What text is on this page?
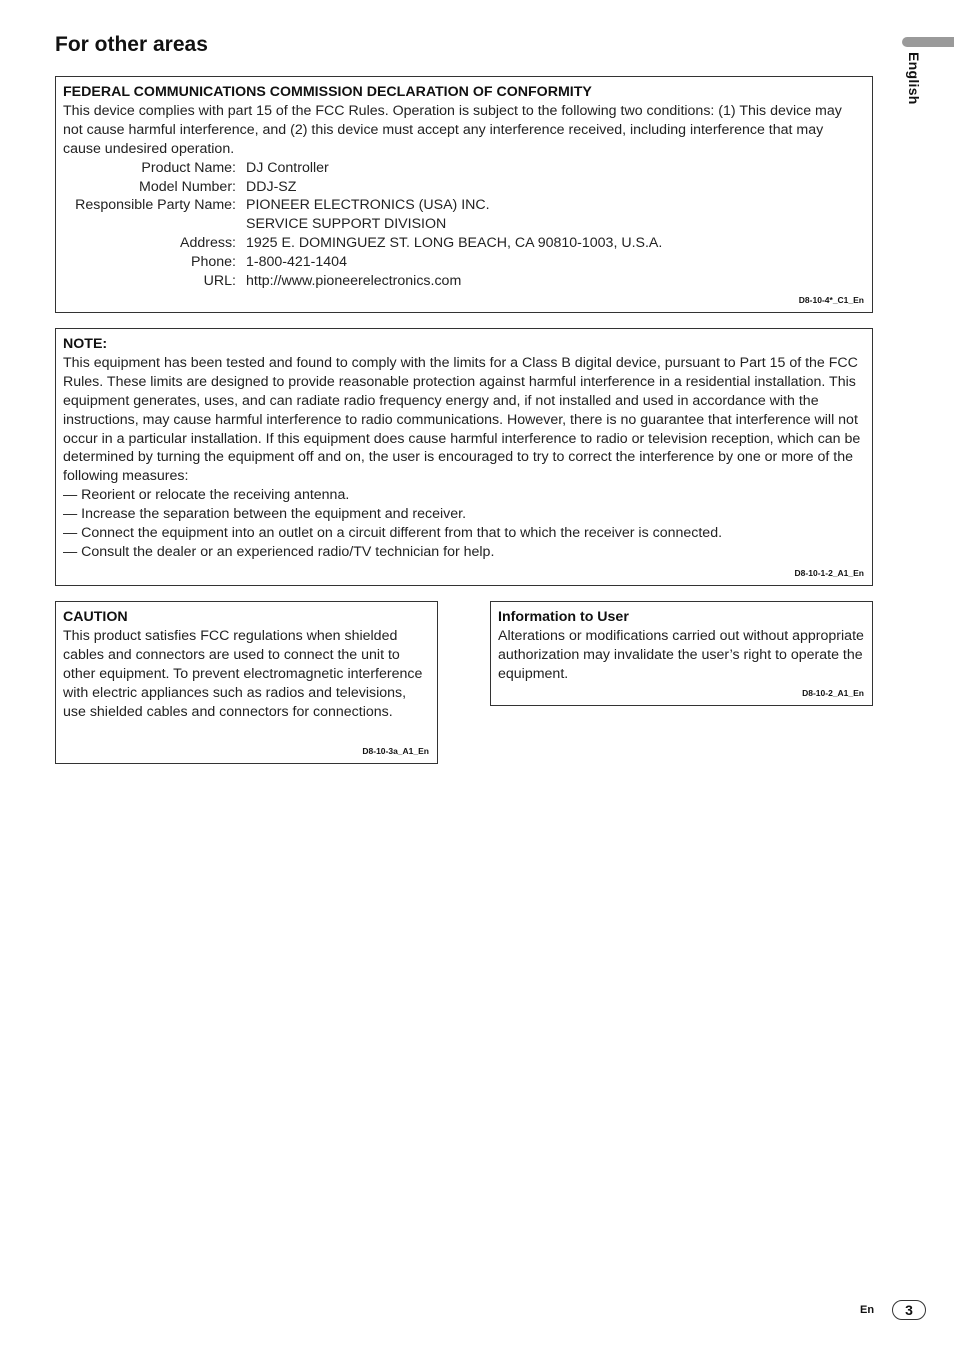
For other areas
English
FEDERAL COMMUNICATIONS COMMISSION DECLARATION OF CONFORMITY
This device complies with part 15 of the FCC Rules. Operation is subject to the following two conditions: (1) This device may not cause harmful interference, and (2) this device must accept any interference received, including interference that may cause undesired operation.
Product Name:	DJ Controller
Model Number:	DDJ-SZ
Responsible Party Name:	PIONEER ELECTRONICS (USA) INC.
	SERVICE SUPPORT DIVISION
Address:	1925 E. DOMINGUEZ ST. LONG BEACH, CA 90810-1003, U.S.A.
Phone:	1-800-421-1404
URL:	http://www.pioneerelectronics.com
D8-10-4*_C1_En
NOTE:
This equipment has been tested and found to comply with the limits for a Class B digital device, pursuant to Part 15 of the FCC Rules. These limits are designed to provide reasonable protection against harmful interference in a residential installation. This equipment generates, uses, and can radiate radio frequency energy and, if not installed and used in accordance with the instructions, may cause harmful interference to radio communications. However, there is no guarantee that interference will not occur in a particular installation. If this equipment does cause harmful interference to radio or television reception, which can be determined by turning the equipment off and on, the user is encouraged to try to correct the interference by one or more of the following measures:
— Reorient or relocate the receiving antenna.
— Increase the separation between the equipment and receiver.
— Connect the equipment into an outlet on a circuit different from that to which the receiver is connected.
— Consult the dealer or an experienced radio/TV technician for help.
D8-10-1-2_A1_En
CAUTION
This product satisfies FCC regulations when shielded cables and connectors are used to connect the unit to other equipment. To prevent electromagnetic interference with electric appliances such as radios and televisions, use shielded cables and connectors for connections.
D8-10-3a_A1_En
Information to User
Alterations or modifications carried out without appropriate authorization may invalidate the user’s right to operate the equipment.
D8-10-2_A1_En
En	3
